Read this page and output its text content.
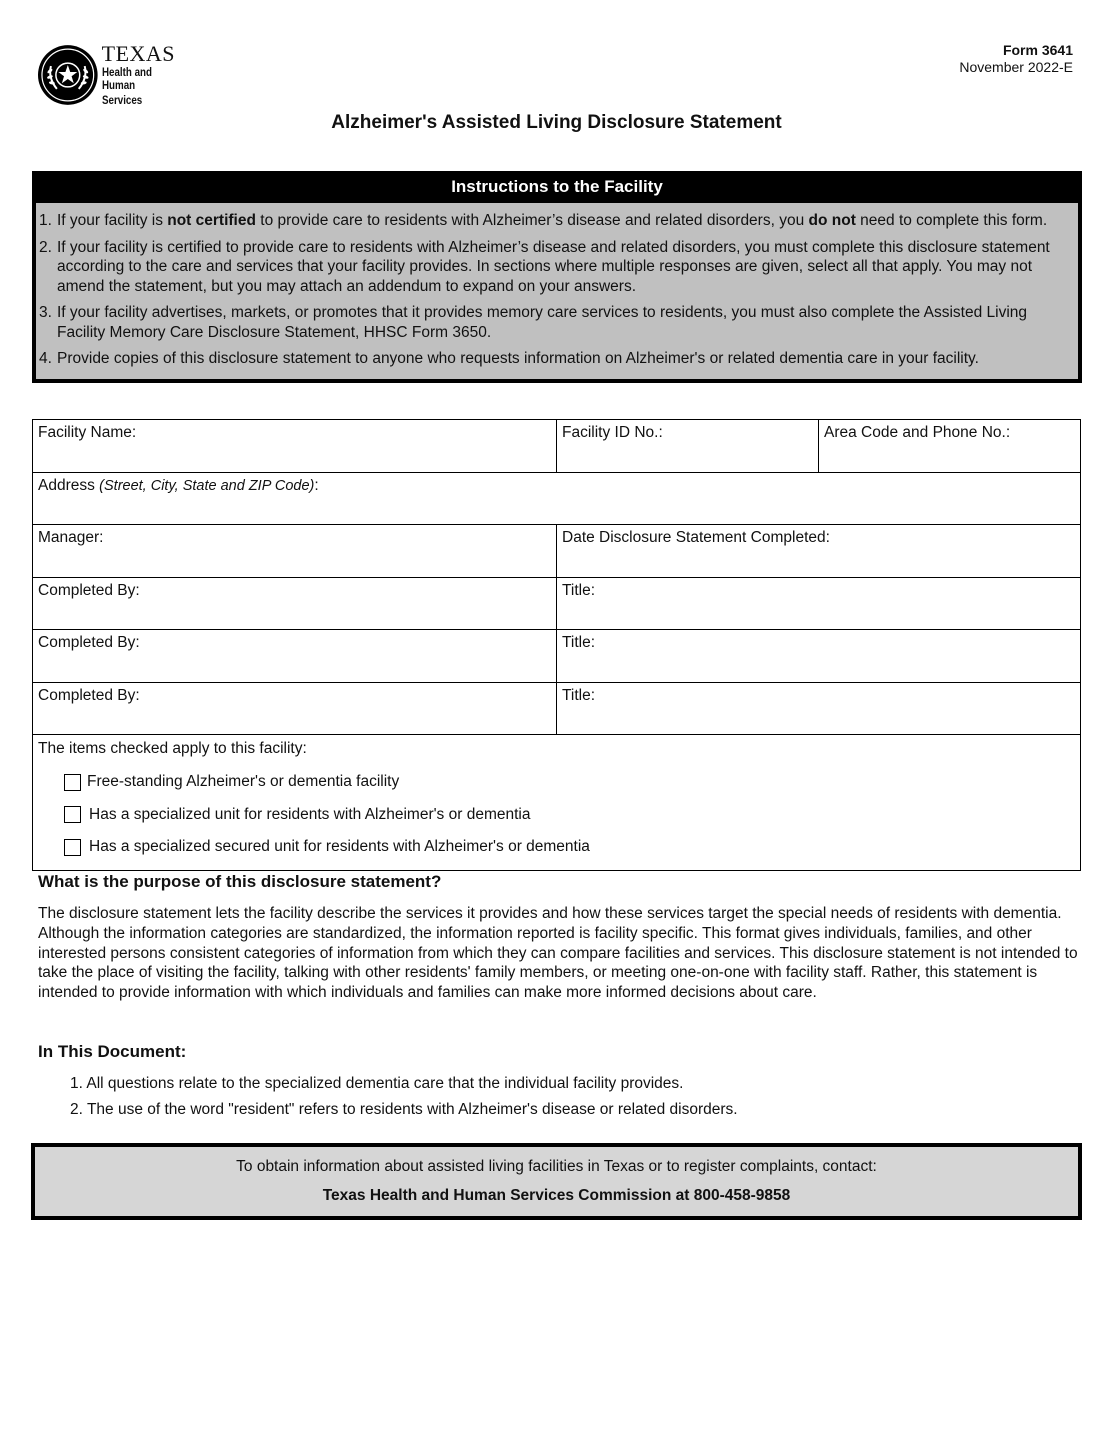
TEXAS
Health and Human
Services
Form 3641
November 2022-E
Alzheimer's Assisted Living Disclosure Statement
Instructions to the Facility
1. If your facility is not certified to provide care to residents with Alzheimer’s disease and related disorders, you do not need to complete this form.
2. If your facility is certified to provide care to residents with Alzheimer’s disease and related disorders, you must complete this disclosure statement according to the care and services that your facility provides. In sections where multiple responses are given, select all that apply. You may not amend the statement, but you may attach an addendum to expand on your answers.
3. If your facility advertises, markets, or promotes that it provides memory care services to residents, you must also complete the Assisted Living Facility Memory Care Disclosure Statement, HHSC Form 3650.
4. Provide copies of this disclosure statement to anyone who requests information on Alzheimer's or related dementia care in your facility.
Facility Name:	Facility ID No.:	Area Code and Phone No.:
Address (Street, City, State and ZIP Code):
Manager:	Date Disclosure Statement Completed:
Completed By:	Title:
Completed By:	Title:
Completed By:	Title:
The items checked apply to this facility:
Free-standing Alzheimer's or dementia facility
Has a specialized unit for residents with Alzheimer's or dementia
Has a specialized secured unit for residents with Alzheimer's or dementia
What is the purpose of this disclosure statement?

The disclosure statement lets the facility describe the services it provides and how these services target the special needs of residents with dementia. Although the information categories are standardized, the information reported is facility specific. This format gives individuals, families, and other interested persons consistent categories of information from which they can compare facilities and services. This disclosure statement is not intended to take the place of visiting the facility, talking with other residents' family members, or meeting one-on-one with facility staff. Rather, this statement is intended to provide information with which individuals and families can make more informed decisions about care.

In This Document:
1. All questions relate to the specialized dementia care that the individual facility provides.
2. The use of the word "resident" refers to residents with Alzheimer's disease or related disorders.
To obtain information about assisted living facilities in Texas or to register complaints, contact:
Texas Health and Human Services Commission at 800-458-9858
